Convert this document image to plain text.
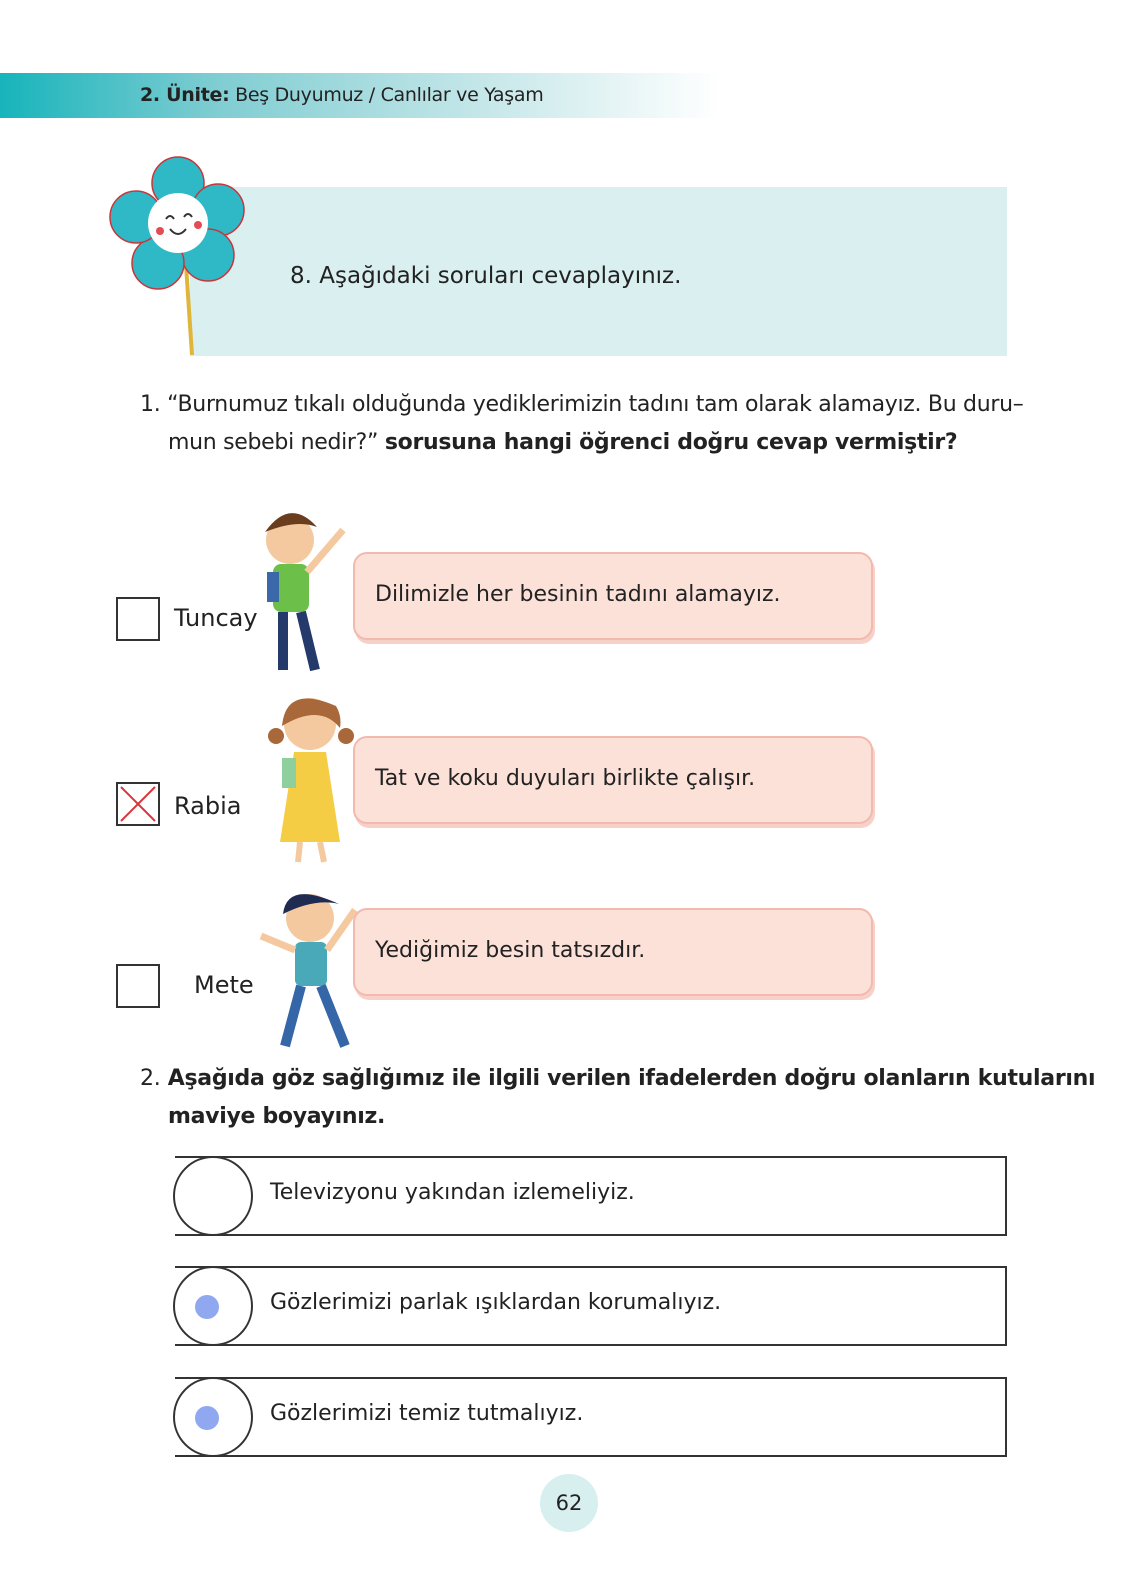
2. Ünite: Beş Duyumuz / Canlılar ve Yaşam
8. Aşağıdaki soruları cevaplayınız.
1. “Burnumuz tıkalı olduğunda yediklerimizin tadını tam olarak alamayız. Bu duru–
mun sebebi nedir?” sorusuna hangi öğrenci doğru cevap vermiştir?
Tuncay
Dilimizle her besinin tadını alamayız.
Rabia
Tat ve koku duyuları birlikte çalışır.
Mete
Yediğimiz besin tatsızdır.
2. Aşağıda göz sağlığımız ile ilgili verilen ifadelerden doğru olanların kutularını
maviye boyayınız.
Televizyonu yakından izlemeliyiz.
Gözlerimizi parlak ışıklardan korumalıyız.
Gözlerimizi temiz tutmalıyız.
62
